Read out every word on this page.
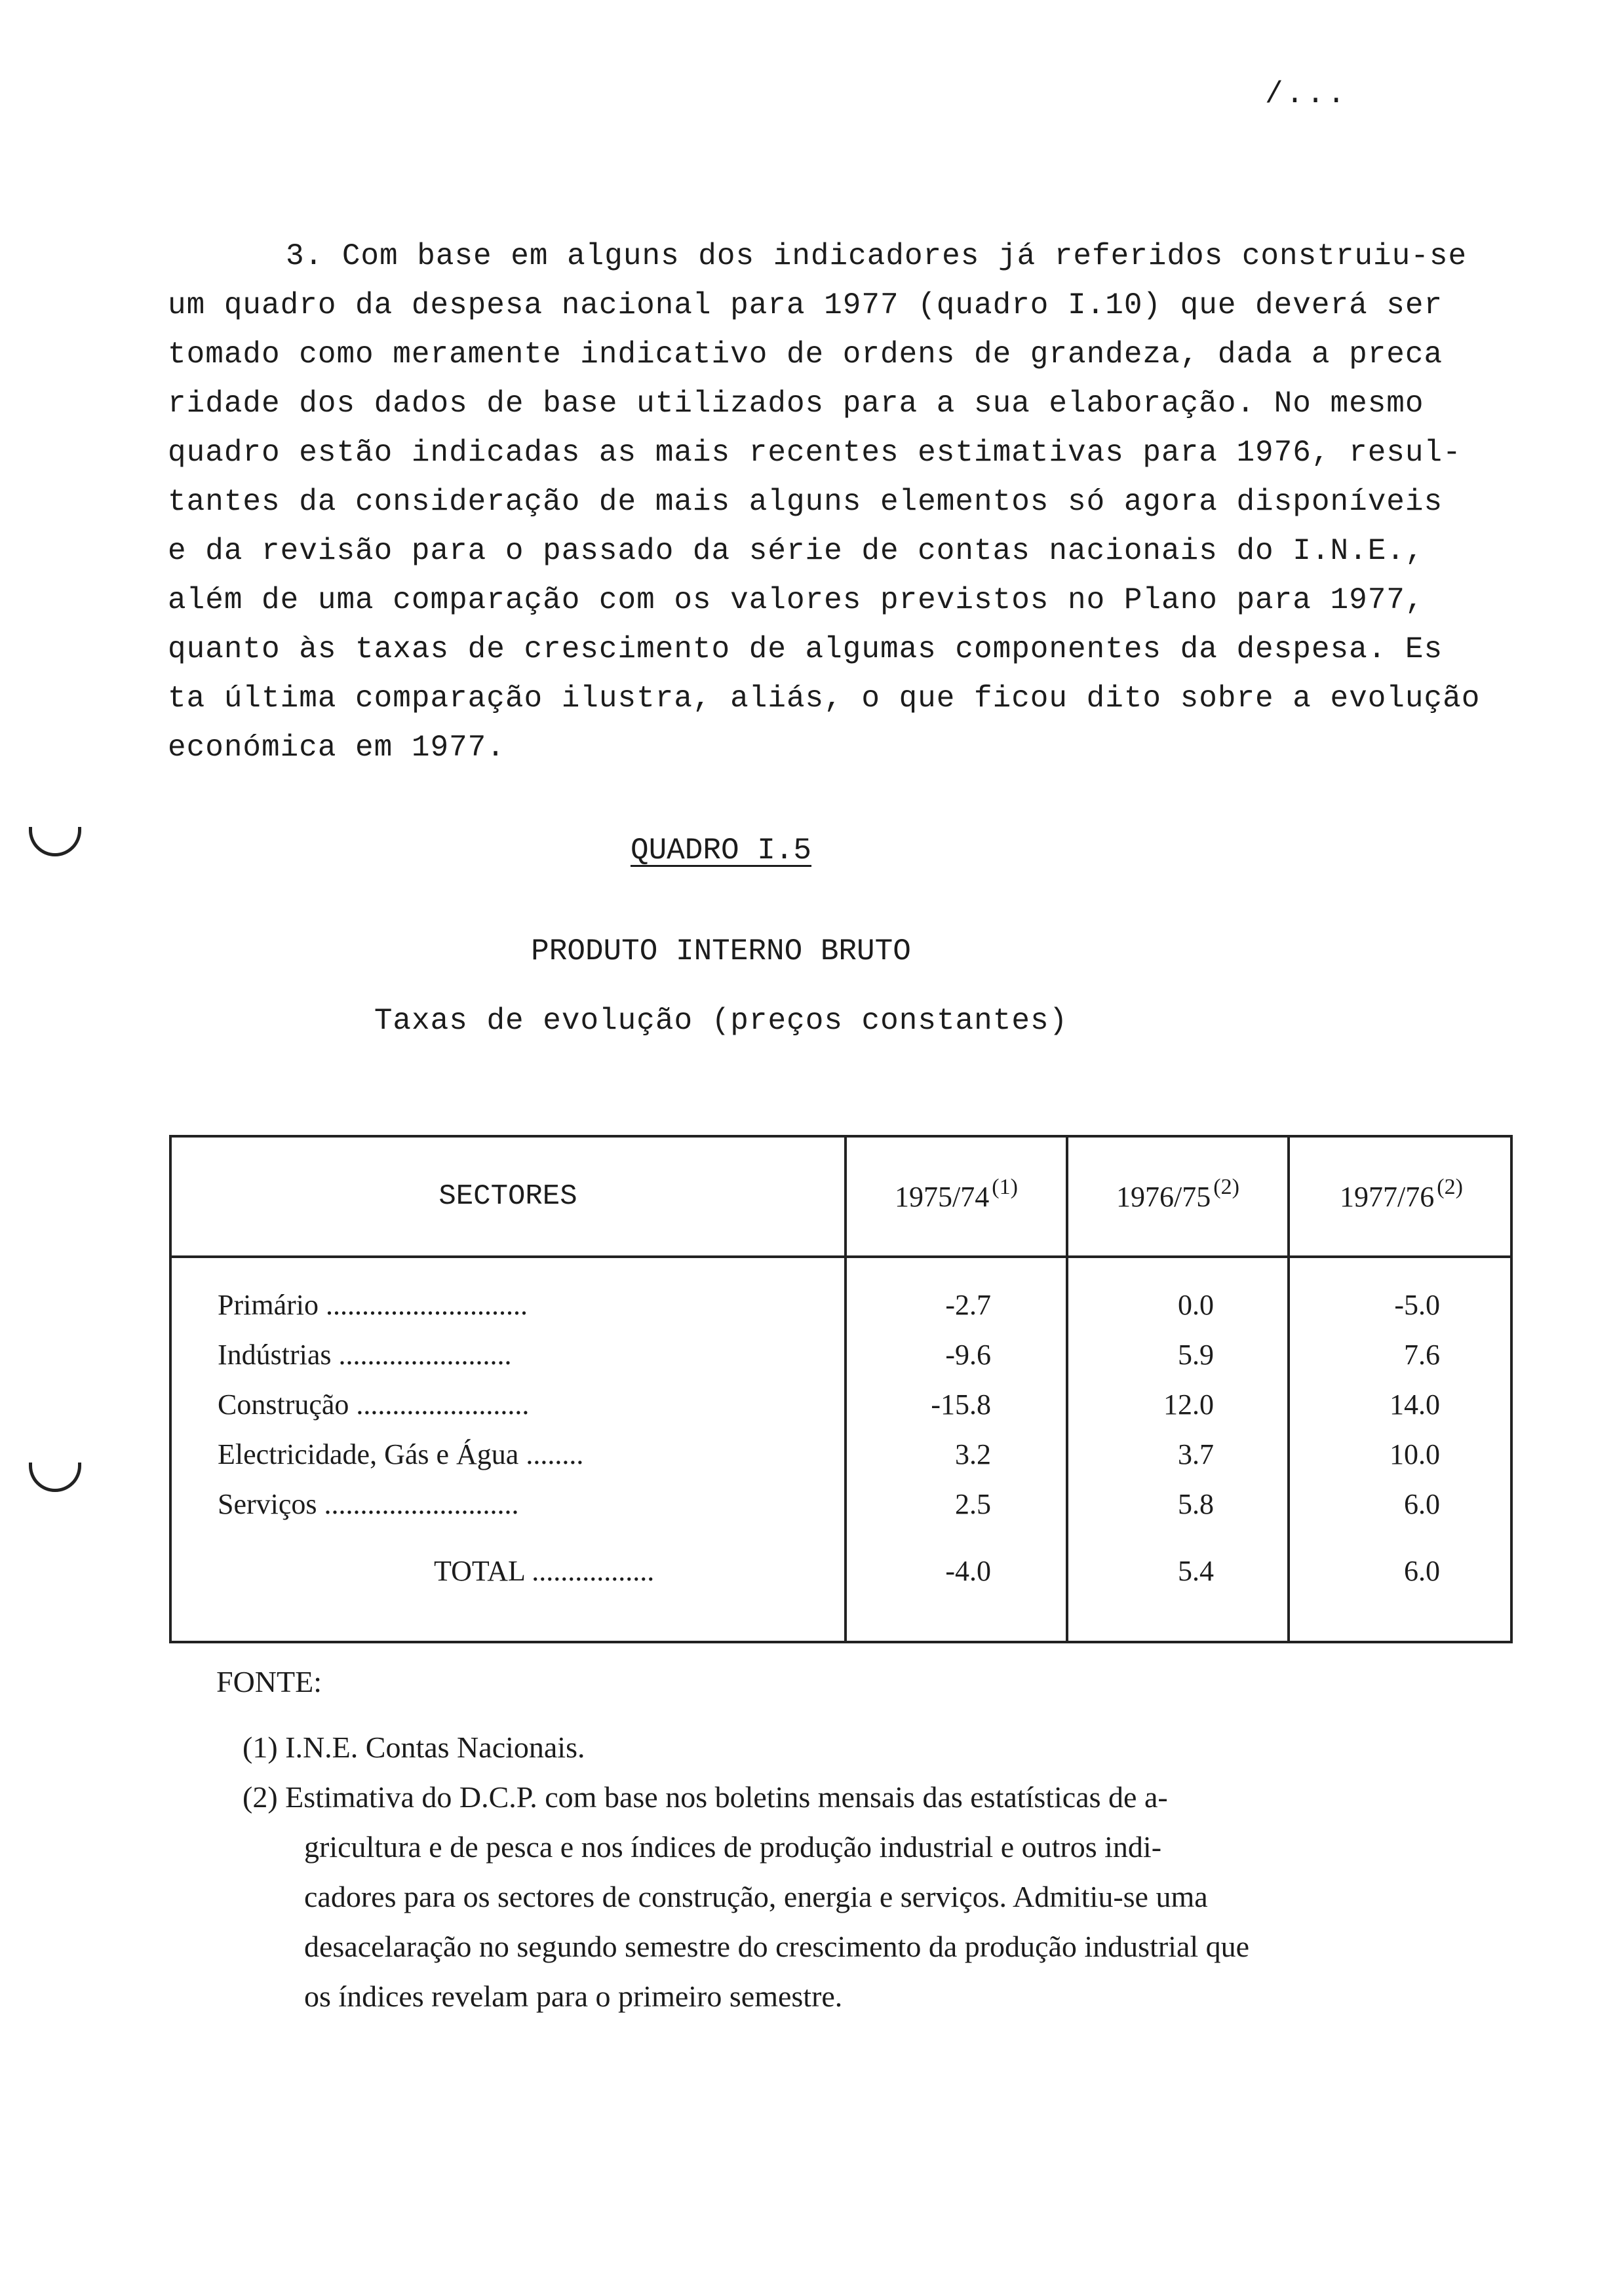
/...
3. Com base em alguns dos indicadores já referidos construiu-se
um quadro da despesa nacional para 1977 (quadro I.10) que deverá ser
tomado como meramente indicativo de ordens de grandeza, dada a preca
ridade dos dados de base utilizados para a sua elaboração. No mesmo
quadro estão indicadas as mais recentes estimativas para 1976, resul-
tantes da consideração de mais alguns elementos só agora disponíveis
e da revisão para o passado da série de contas nacionais do I.N.E.,
além de uma comparação com os valores previstos no Plano para 1977,
quanto às taxas de crescimento de algumas componentes da despesa. Es
ta última comparação ilustra, aliás, o que ficou dito sobre a evolução
económica em 1977.
QUADRO I.5
PRODUTO INTERNO BRUTO
Taxas de evolução (preços constantes)
SECTORES	1975/74$^{(1)}$	1976/75$^{(2)}$	1977/76$^{(2)}$
Primário ............................	-2.7	0.0	-5.0
Indústrias ........................	-9.6	5.9	7.6
Construção ........................	-15.8	12.0	14.0
Electricidade, Gás e Água ........	3.2	3.7	10.0
Serviços ...........................	2.5	5.8	6.0
TOTAL .................	-4.0	5.4	6.0
FONTE:
(1) I.N.E. Contas Nacionais.
(2) Estimativa do D.C.P. com base nos boletins mensais das estatísticas de a-
gricultura e de pesca e nos índices de produção industrial e outros indi-
cadores para os sectores de construção, energia e serviços. Admitiu-se uma
desacelaração no segundo semestre do crescimento da produção industrial que
os índices revelam para o primeiro semestre.
